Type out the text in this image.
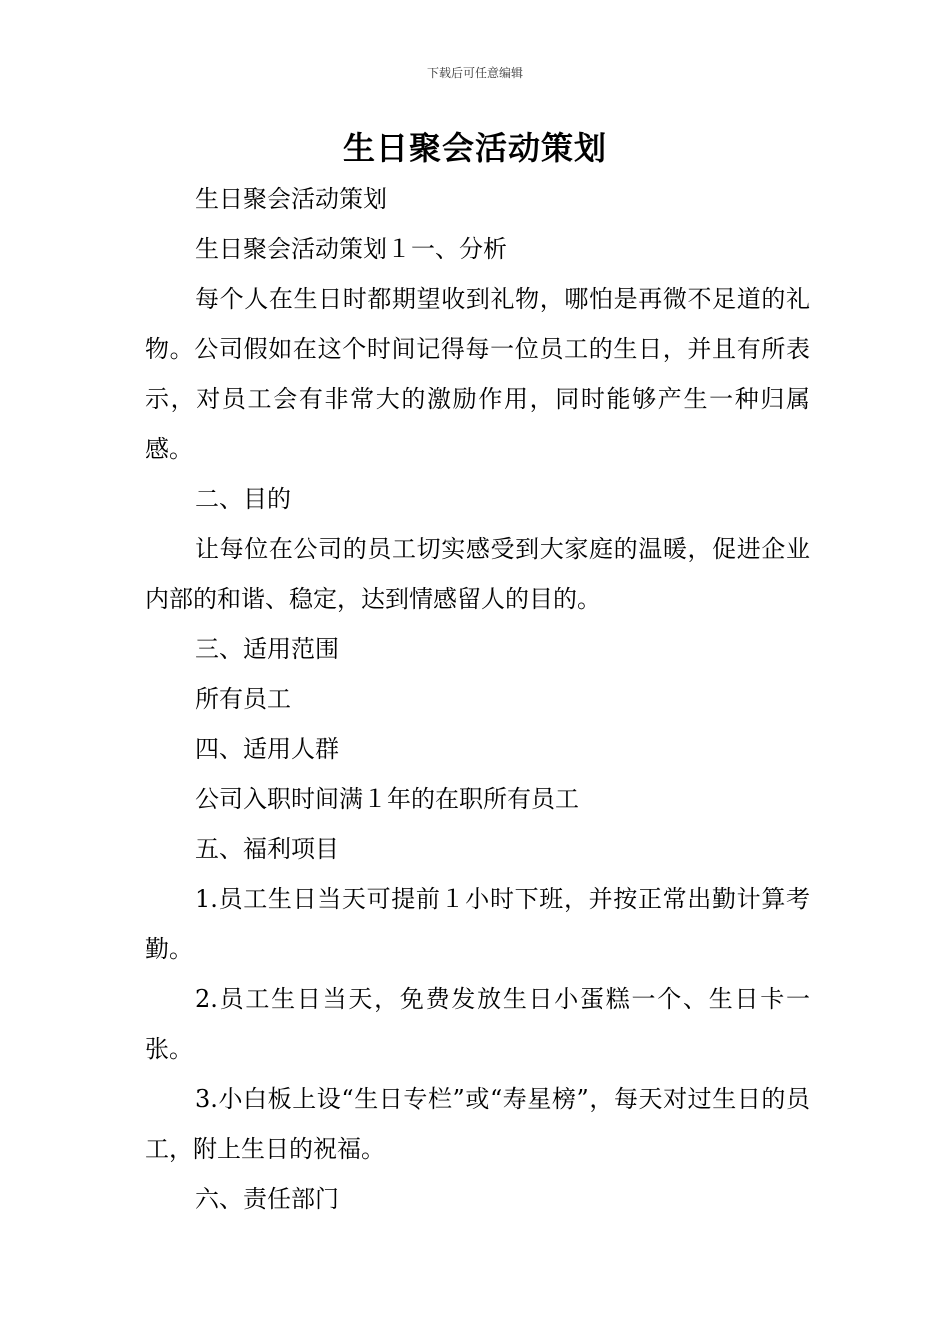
下载后可任意编辑
生日聚会活动策划

生日聚会活动策划

生日聚会活动策划１一、分析

每个人在生日时都期望收到礼物，哪怕是再微不足道的礼物。公司假如在这个时间记得每一位员工的生日，并且有所表示，对员工会有非常大的激励作用，同时能够产生一种归属感。

二、目的

让每位在公司的员工切实感受到大家庭的温暖，促进企业内部的和谐、稳定，达到情感留人的目的。

三、适用范围

所有员工

四、适用人群

公司入职时间满１年的在职所有员工

五、福利项目

1.员工生日当天可提前１小时下班，并按正常出勤计算考勤。

2.员工生日当天，免费发放生日小蛋糕一个、生日卡一张。

3.小白板上设“生日专栏”或“寿星榜”，每天对过生日的员工，附上生日的祝福。

六、责任部门
